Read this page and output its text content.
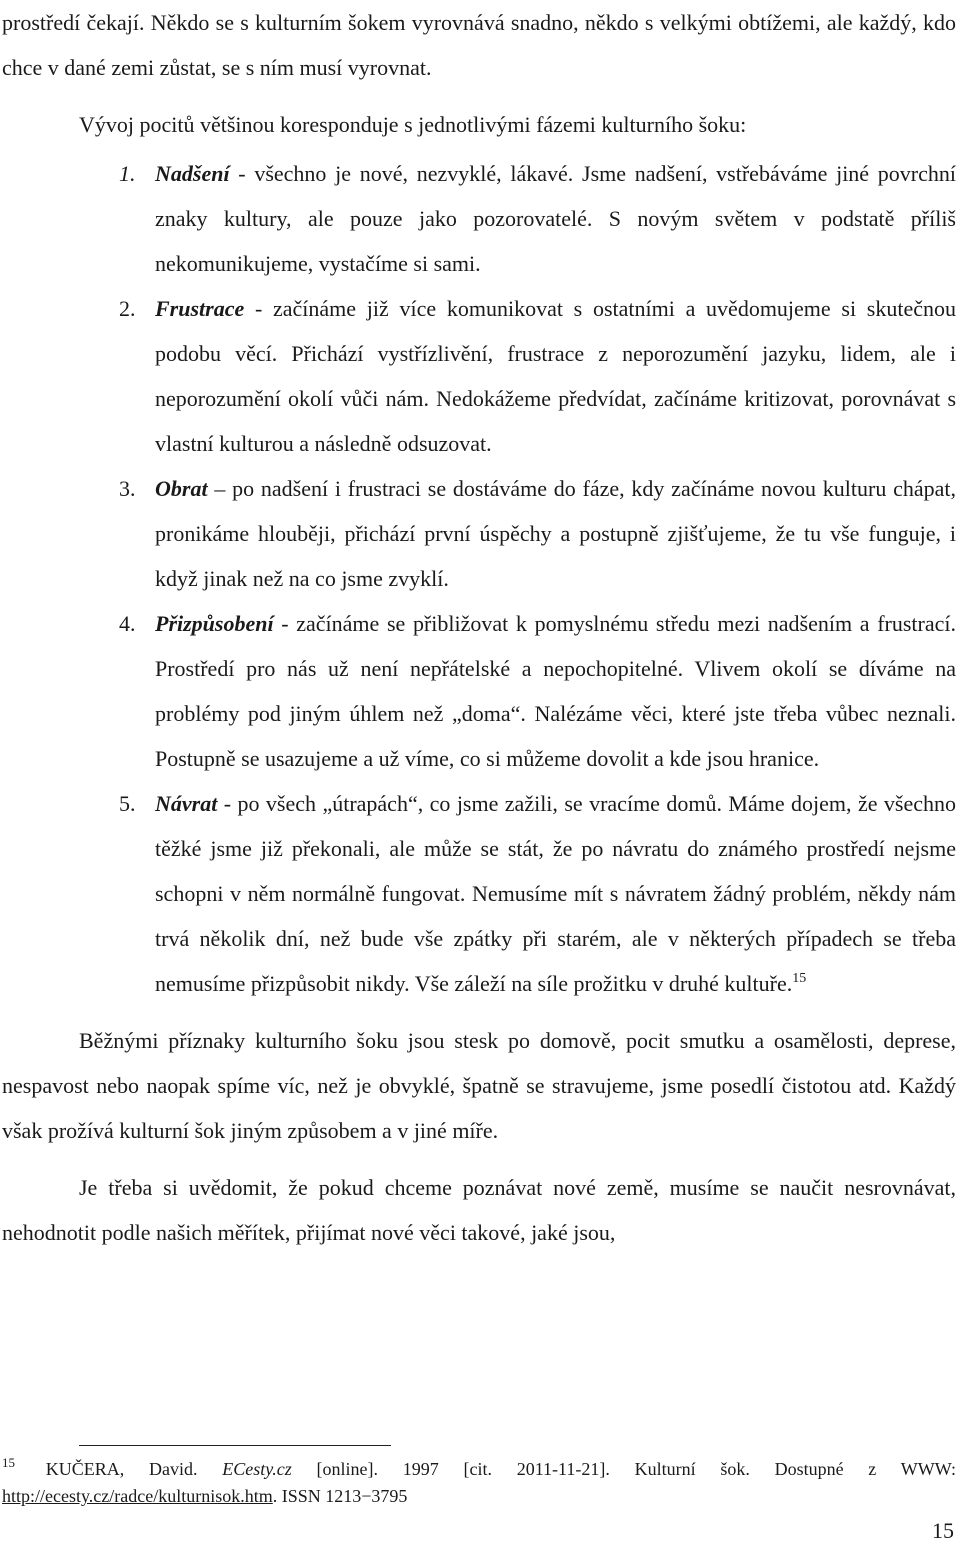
prostředí čekají. Někdo se s kulturním šokem vyrovnává snadno, někdo s velkými obtížemi, ale každý, kdo chce v dané zemi zůstat, se s ním musí vyrovnat.

Vývoj pocitů většinou koresponduje s jednotlivými fázemi kulturního šoku:

1. Nadšení - všechno je nové, nezvyklé, lákavé. Jsme nadšení, vstřebáváme jiné povrchní znaky kultury, ale pouze jako pozorovatelé. S novým světem v podstatě příliš nekomunikujeme, vystačíme si sami.
2. Frustrace - začínáme již více komunikovat s ostatními a uvědomujeme si skutečnou podobu věcí. Přichází vystřízlivění, frustrace z neporozumění jazyku, lidem, ale i neporozumění okolí vůči nám. Nedokážeme předvídat, začínáme kritizovat, porovnávat s vlastní kulturou a následně odsuzovat.
3. Obrat – po nadšení i frustraci se dostáváme do fáze, kdy začínáme novou kulturu chápat, pronikáme hlouběji, přichází první úspěchy a postupně zjišťujeme, že tu vše funguje, i když jinak než na co jsme zvyklí.
4. Přizpůsobení - začínáme se přibližovat k pomyslnému středu mezi nadšením a frustrací. Prostředí pro nás už není nepřátelské a nepochopitelné. Vlivem okolí se díváme na problémy pod jiným úhlem než „doma“. Nalézáme věci, které jste třeba vůbec neznali. Postupně se usazujeme a už víme, co si můžeme dovolit a kde jsou hranice.
5. Návrat - po všech „útrapách“, co jsme zažili, se vracíme domů. Máme dojem, že všechno těžké jsme již překonali, ale může se stát, že po návratu do známého prostředí nejsme schopni v něm normálně fungovat. Nemusíme mít s návratem žádný problém, někdy nám trvá několik dní, než bude vše zpátky při starém, ale v některých případech se třeba nemusíme přizpůsobit nikdy. Vše záleží na síle prožitku v druhé kultuře.$^{15}$

Běžnými příznaky kulturního šoku jsou stesk po domově, pocit smutku a osamělosti, deprese, nespavost nebo naopak spíme víc, než je obvyklé, špatně se stravujeme, jsme posedlí čistotou atd. Každý však prožívá kulturní šok jiným způsobem a v jiné míře.

Je třeba si uvědomit, že pokud chceme poznávat nové země, musíme se naučit nesrovnávat, nehodnotit podle našich měřítek, přijímat nové věci takové, jaké jsou,

$^{15}$ KUČERA, David. ECesty.cz [online]. 1997 [cit. 2011-11-21]. Kulturní šok. Dostupné z WWW: http://ecesty.cz/radce/kulturnisok.htm. ISSN 1213−3795
15
